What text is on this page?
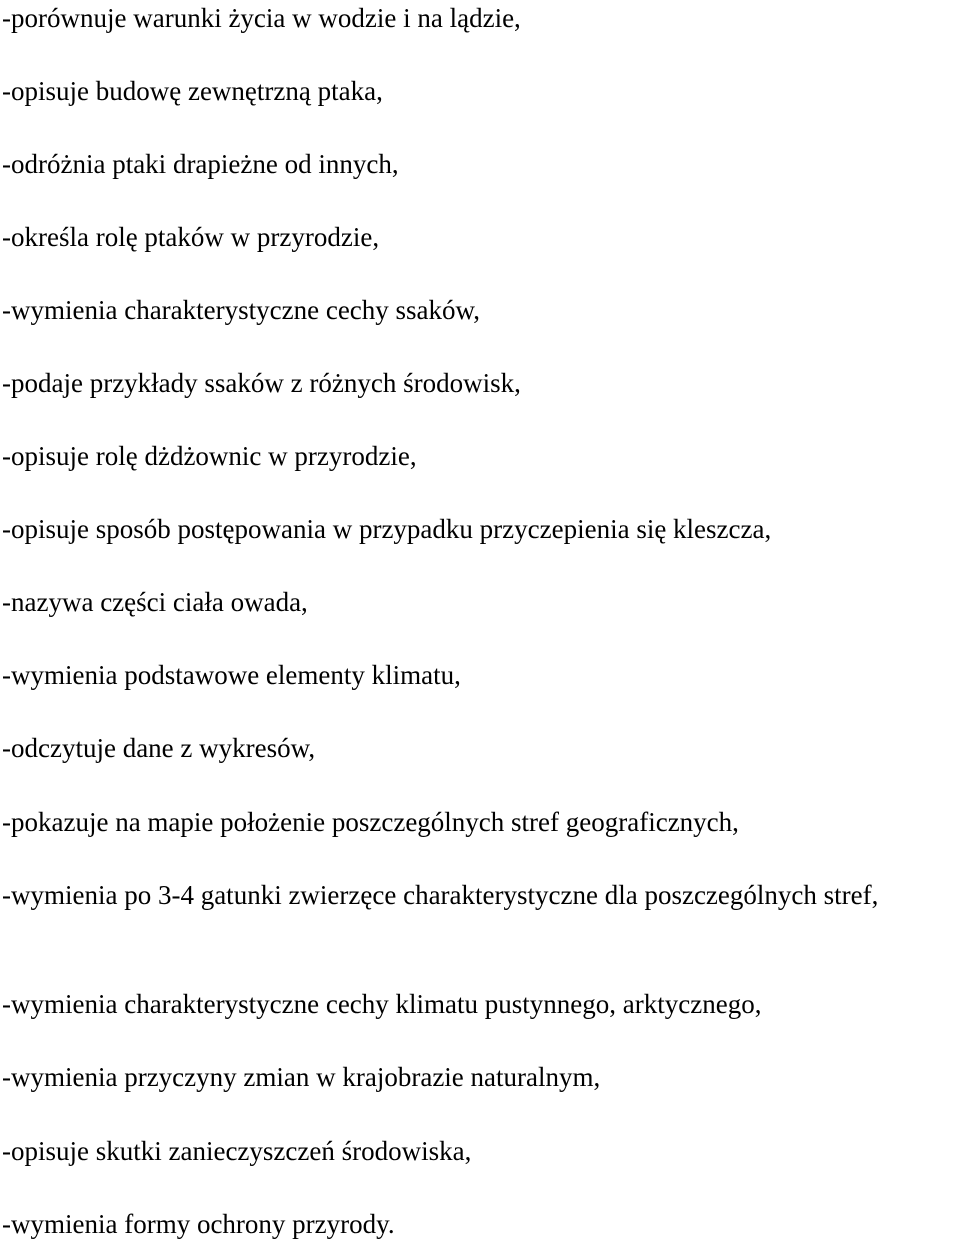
-porównuje warunki życia w wodzie i na lądzie,

-opisuje budowę zewnętrzną ptaka,

-odróżnia ptaki drapieżne od innych,

-określa rolę ptaków w przyrodzie,

-wymienia charakterystyczne cechy ssaków,

-podaje przykłady ssaków z różnych środowisk,

-opisuje rolę dżdżownic w przyrodzie,

-opisuje sposób postępowania w przypadku przyczepienia się kleszcza,

-nazywa części ciała owada,

-wymienia podstawowe elementy klimatu,

-odczytuje dane z wykresów,

-pokazuje na mapie położenie poszczególnych stref geograficznych,

-wymienia po 3-4 gatunki zwierzęce charakterystyczne dla poszczególnych stref,

-wymienia charakterystyczne cechy klimatu pustynnego, arktycznego,

-wymienia przyczyny zmian w krajobrazie naturalnym,

-opisuje skutki zanieczyszczeń środowiska,

-wymienia formy ochrony przyrody.
